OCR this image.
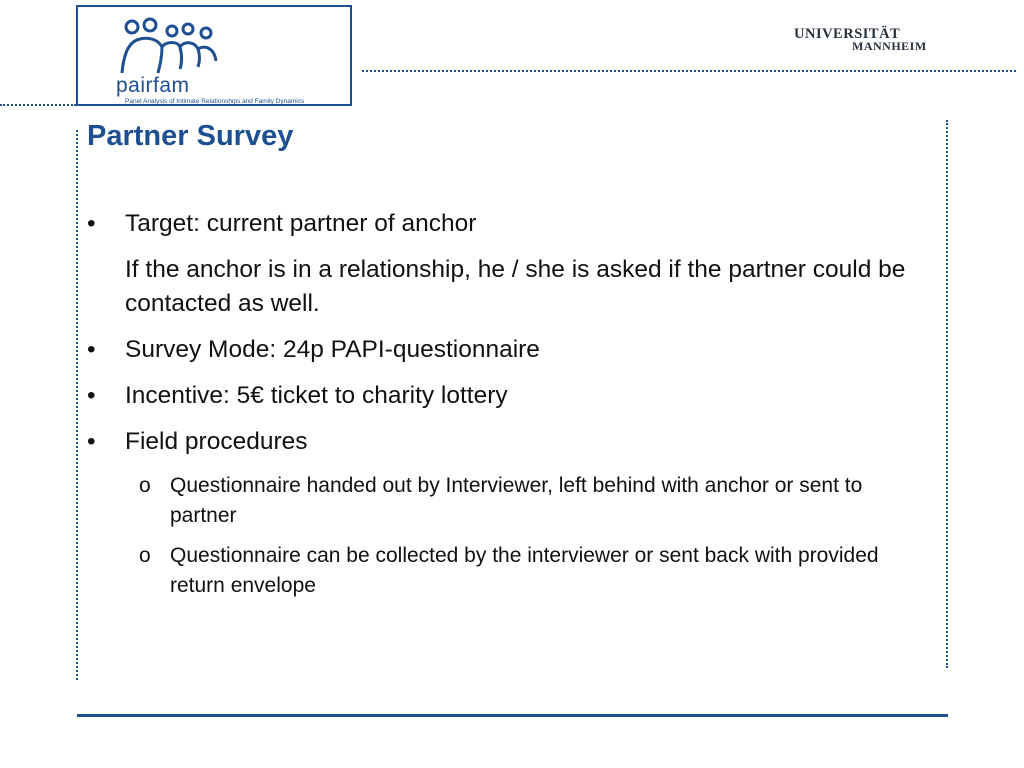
pairfam
Panel Analysis of Intimate Relationships and Family Dynamics
UNIVERSITÄT
MANNHEIM
Partner Survey
• Target: current partner of anchor
If the anchor is in a relationship, he / she is asked if the partner could be contacted as well.
• Survey Mode: 24p PAPI-questionnaire
• Incentive: 5€ ticket to charity lottery
• Field procedures
o Questionnaire handed out by Interviewer, left behind with anchor or sent to partner
o Questionnaire can be collected by the interviewer or sent back with provided return envelope
